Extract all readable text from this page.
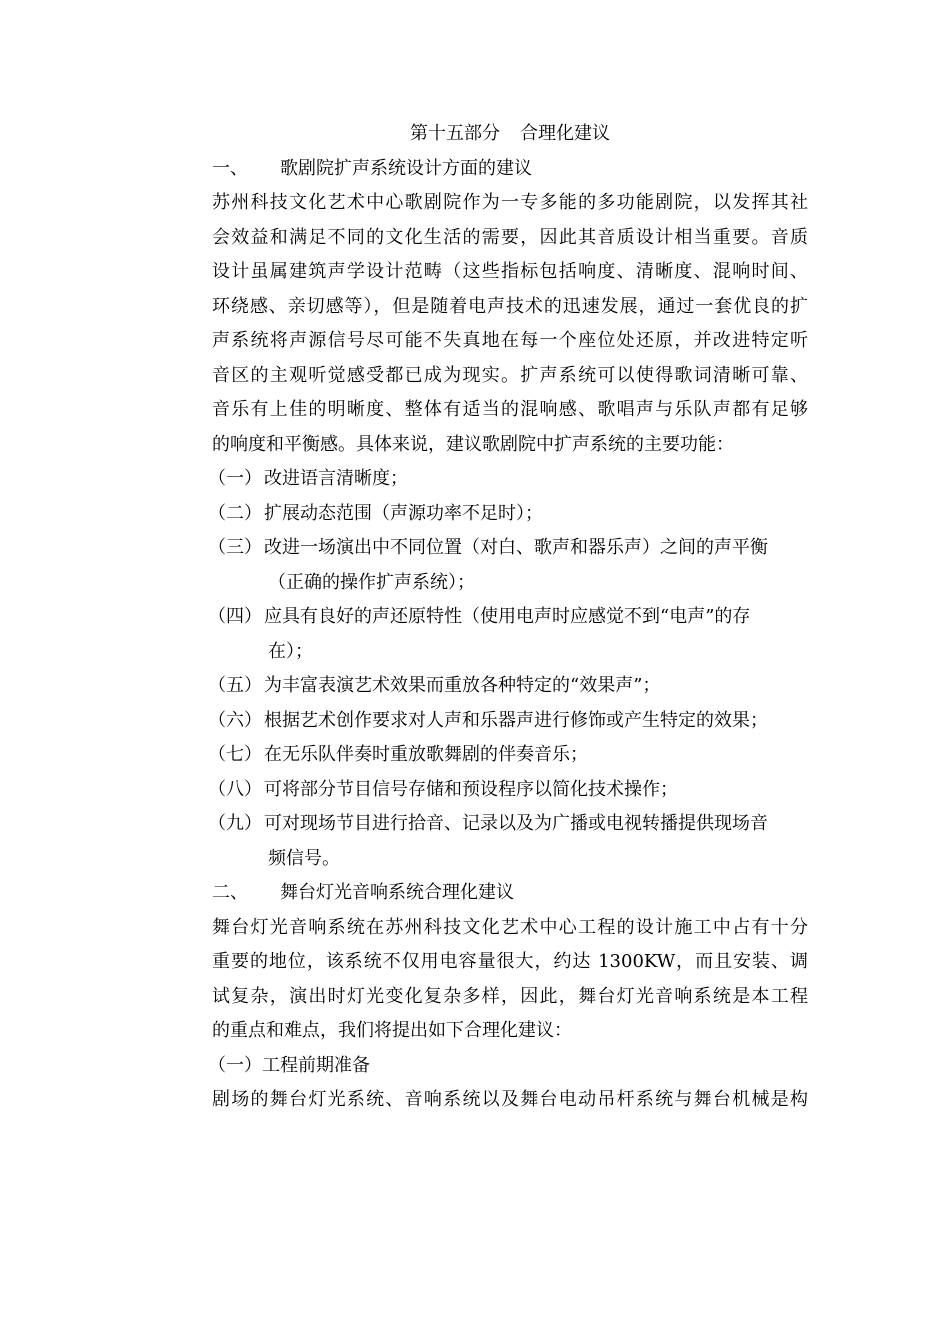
第十五部分 合理化建议
一、 歌剧院扩声系统设计方面的建议
苏州科技文化艺术中心歌剧院作为一专多能的多功能剧院，以发挥其社
会效益和满足不同的文化生活的需要，因此其音质设计相当重要。音质
设计虽属建筑声学设计范畴（这些指标包括响度、清晰度、混响时间、
环绕感、亲切感等），但是随着电声技术的迅速发展，通过一套优良的扩
声系统将声源信号尽可能不失真地在每一个座位处还原，并改进特定听
音区的主观听觉感受都已成为现实。扩声系统可以使得歌词清晰可靠、
音乐有上佳的明晰度、整体有适当的混响感、歌唱声与乐队声都有足够
的响度和平衡感。具体来说，建议歌剧院中扩声系统的主要功能：
（一） 改进语言清晰度；
（二） 扩展动态范围（声源功率不足时）；
（三） 改进一场演出中不同位置（对白、歌声和器乐声）之间的声平衡
（正确的操作扩声系统）；
（四） 应具有良好的声还原特性（使用电声时应感觉不到“电声”的存
在）；
（五） 为丰富表演艺术效果而重放各种特定的“效果声”；
（六） 根据艺术创作要求对人声和乐器声进行修饰或产生特定的效果；
（七） 在无乐队伴奏时重放歌舞剧的伴奏音乐；
（八） 可将部分节目信号存储和预设程序以简化技术操作；
（九） 可对现场节目进行拾音、记录以及为广播或电视转播提供现场音
频信号。
二、 舞台灯光音响系统合理化建议
舞台灯光音响系统在苏州科技文化艺术中心工程的设计施工中占有十分
重要的地位，该系统不仅用电容量很大，约达 1300KW，而且安装、调
试复杂，演出时灯光变化复杂多样，因此，舞台灯光音响系统是本工程
的重点和难点，我们将提出如下合理化建议：
（一）工程前期准备
剧场的舞台灯光系统、音响系统以及舞台电动吊杆系统与舞台机械是构
